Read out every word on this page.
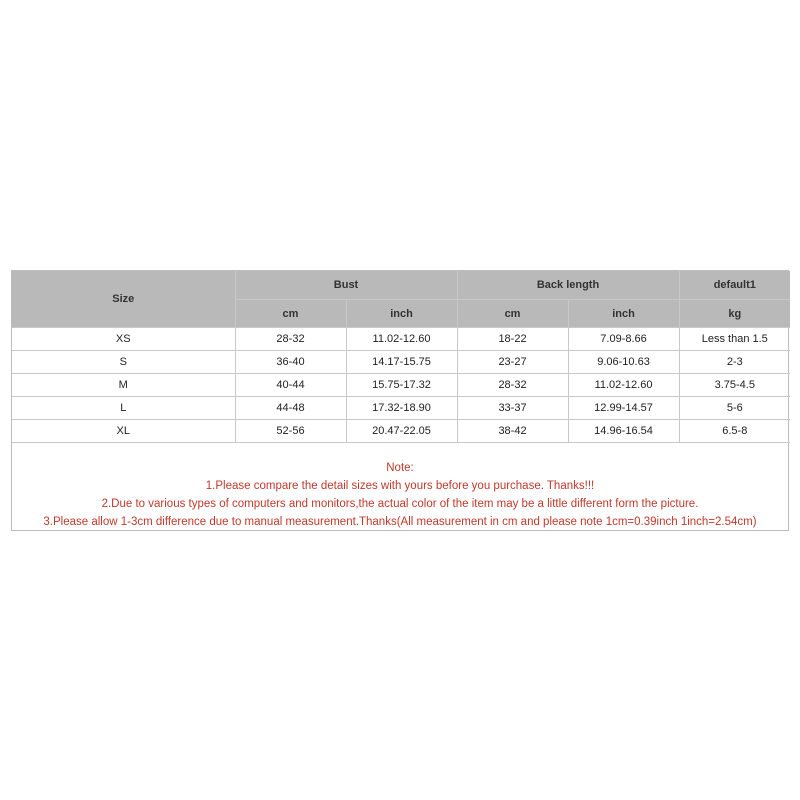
Size	Bust		Back length		default1
	cm	inch	cm	inch	kg
XS	28-32	11.02-12.60	18-22	7.09-8.66	Less than 1.5
S	36-40	14.17-15.75	23-27	9.06-10.63	2-3
M	40-44	15.75-17.32	28-32	11.02-12.60	3.75-4.5
L	44-48	17.32-18.90	33-37	12.99-14.57	5-6
XL	52-56	20.47-22.05	38-42	14.96-16.54	6.5-8
Note:
1.Please compare the detail sizes with yours before you purchase. Thanks!!!
2.Due to various types of computers and monitors,the actual color of the item may be a little different form the picture.
3.Please allow 1-3cm difference due to manual measurement.Thanks(All measurement in cm and please note 1cm=0.39inch 1inch=2.54cm)
